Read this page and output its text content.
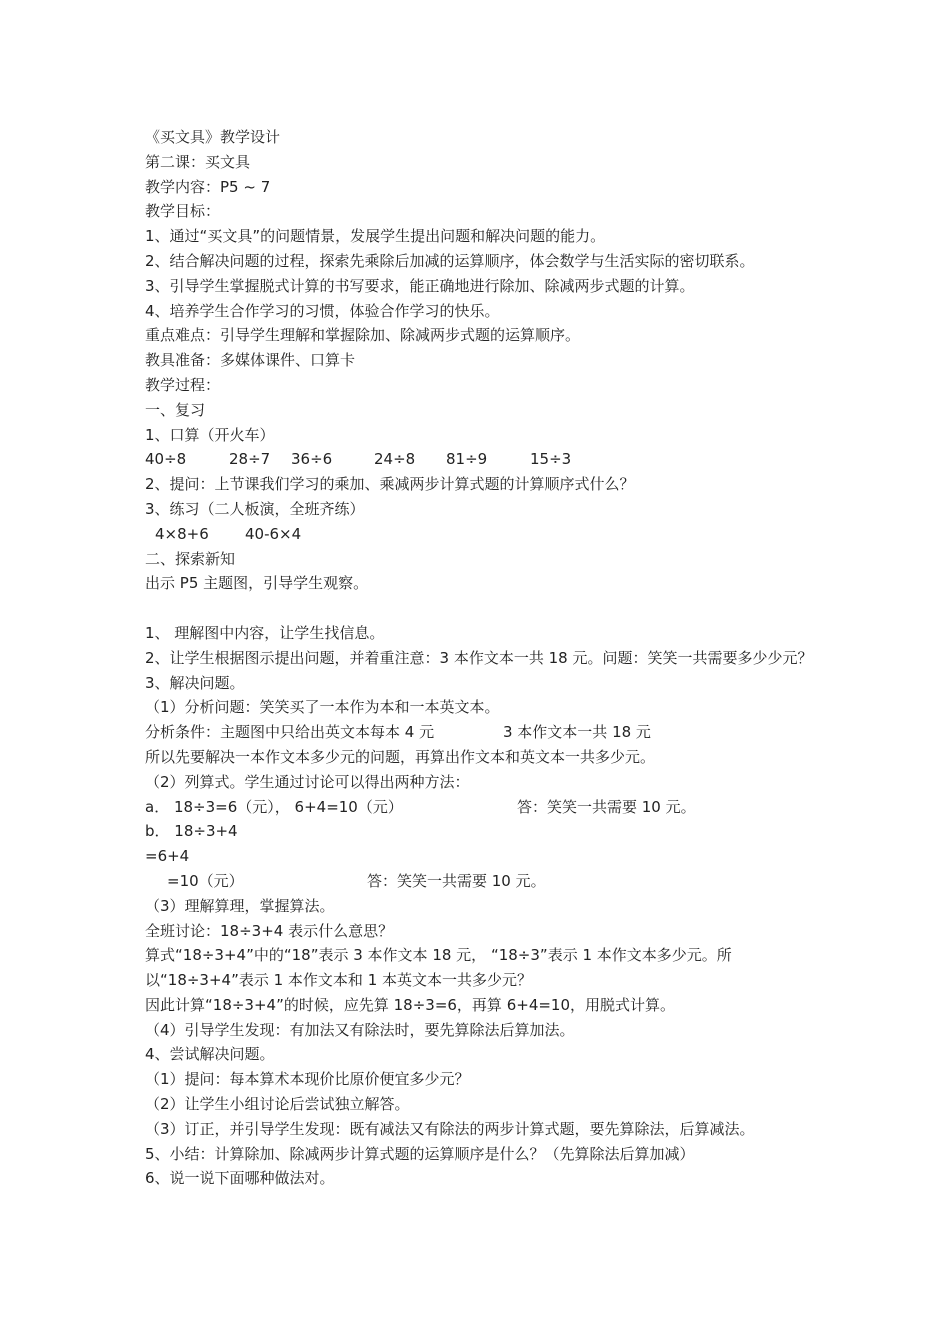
《买文具》教学设计
第二课：买文具
教学内容：P5 ~ 7
教学目标：
1、通过“买文具”的问题情景，发展学生提出问题和解决问题的能力。
2、结合解决问题的过程，探索先乘除后加减的运算顺序，体会数学与生活实际的密切联系。
3、引导学生掌握脱式计算的书写要求，能正确地进行除加、除减两步式题的计算。
4、培养学生合作学习的习惯，体验合作学习的快乐。
重点难点：引导学生理解和掌握除加、除减两步式题的运算顺序。
教具准备：多媒体课件、口算卡
教学过程：
一、复习
1、口算（开火车）
40÷8	28÷7	36÷6	24÷8	81÷9	15÷3
2、提问：上节课我们学习的乘加、乘减两步计算式题的计算顺序式什么？
3、练习（二人板演，全班齐练）
4×8+6	40-6×4
二、探索新知
出示 P5 主题图，引导学生观察。
1、 理解图中内容，让学生找信息。
2、让学生根据图示提出问题，并着重注意：3 本作文本一共 18 元。问题：笑笑一共需要多少少元？
3、解决问题。
（1）分析问题：笑笑买了一本作为本和一本英文本。
分析条件：主题图中只给出英文本每本 4 元	3 本作文本一共 18 元
所以先要解决一本作文本多少元的问题，再算出作文本和英文本一共多少元。
（2）列算式。学生通过讨论可以得出两种方法：
a． 18÷3=6（元）， 6+4=10（元）	答：笑笑一共需要 10 元。
b． 18÷3+4
=6+4
=10（元）	答：笑笑一共需要 10 元。
（3）理解算理，掌握算法。
全班讨论：18÷3+4 表示什么意思？
算式“18÷3+4”中的“18”表示 3 本作文本 18 元， “18÷3”表示 1 本作文本多少元。所以“18÷3+4”表示 1 本作文本和 1 本英文本一共多少元？
因此计算“18÷3+4”的时候，应先算 18÷3=6，再算 6+4=10，用脱式计算。
（4）引导学生发现：有加法又有除法时，要先算除法后算加法。
4、尝试解决问题。
（1）提问：每本算术本现价比原价便宜多少元？
（2）让学生小组讨论后尝试独立解答。
（3）订正，并引导学生发现：既有减法又有除法的两步计算式题，要先算除法，后算减法。
5、小结：计算除加、除减两步计算式题的运算顺序是什么？（先算除法后算加减）
6、说一说下面哪种做法对。
